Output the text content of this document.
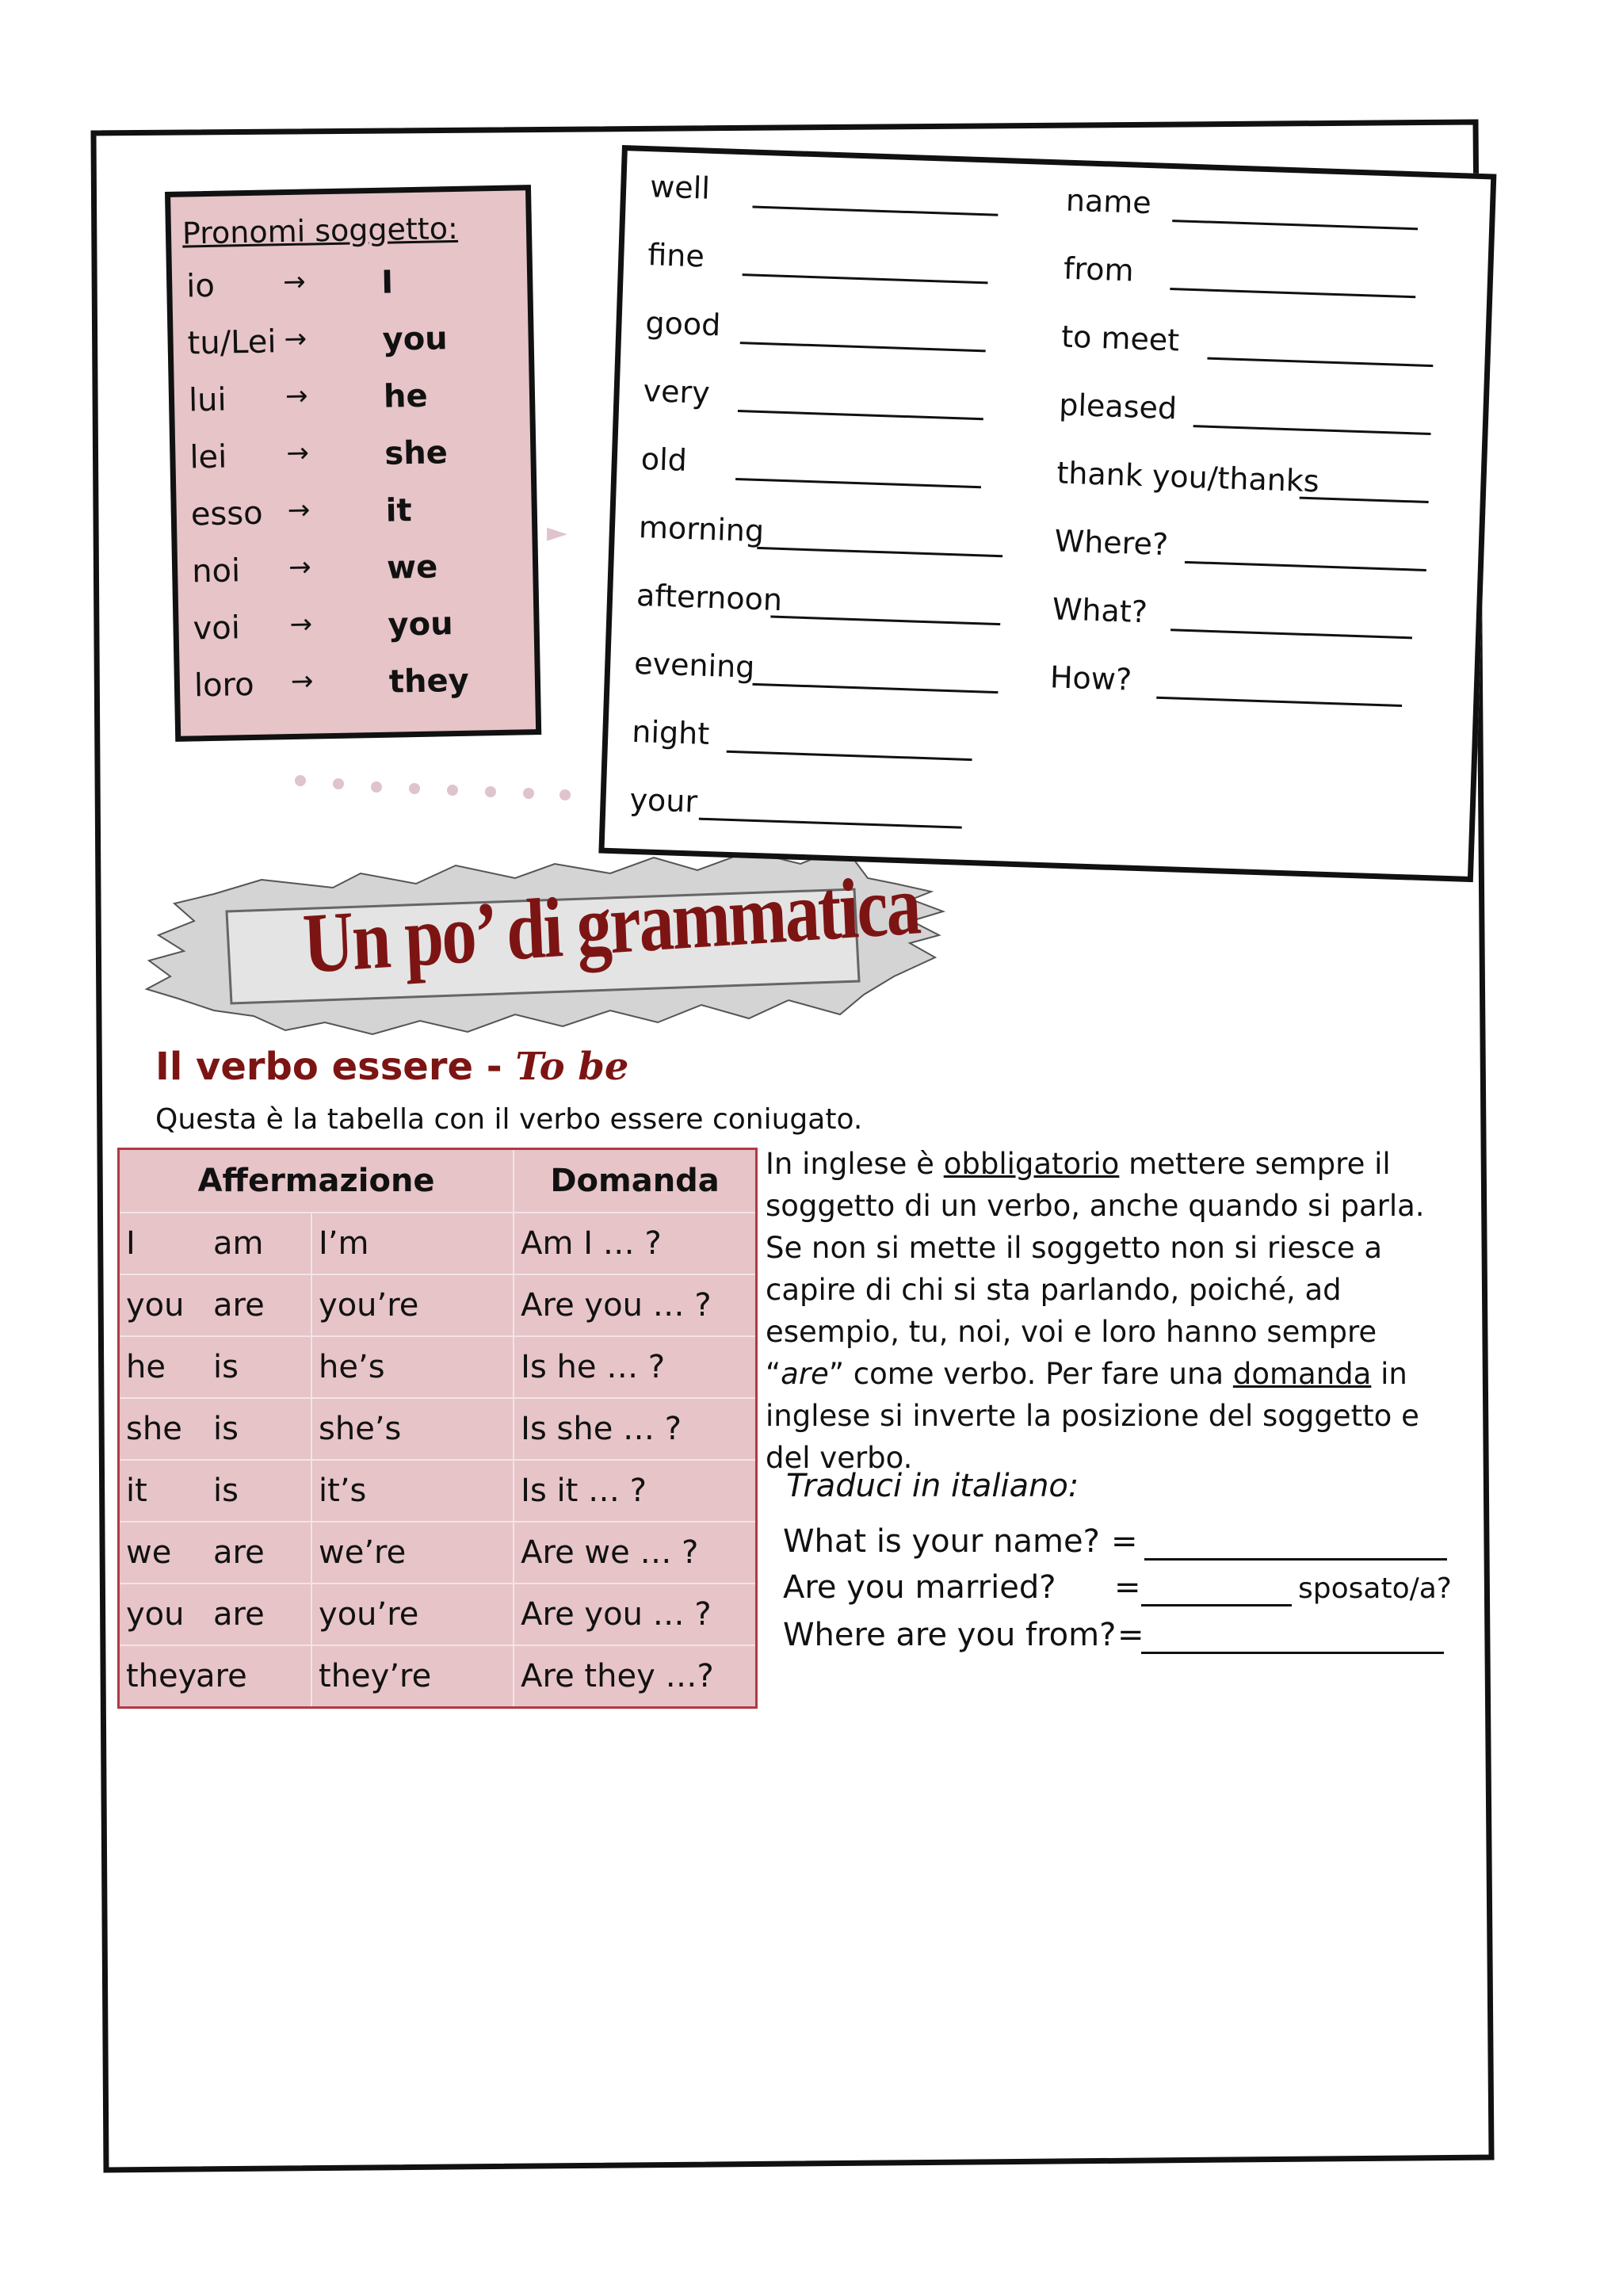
Pronomi soggetto:
io	→ I
tu/Lei → you
lui → he
lei → she
esso → it
noi → we
voi → you
loro → they
►
well
fine
good
very
old
morning
afternoon
evening
night
your
name
from
to meet
pleased
thank you/thanks
Where?
What?
How?
Un po’ di grammatica
Il verbo essere - To be
Questa è la tabella con il verbo essere coniugato.
Affermazione		Domanda
I am	I’m	Am I … ?
you are	you’re	Are you … ?
he is	he’s	Is he … ?
she is	she’s	Is she … ?
it is	it’s	Is it … ?
we are	we’re	Are we … ?
you are	you’re	Are you … ?
theyare	they’re	Are they …?
In inglese è obbligatorio mettere sempre il soggetto di un verbo, anche quando si parla. Se non si mette il soggetto non si riesce a capire di chi si sta parlando, poiché, ad esempio, tu, noi, voi e loro hanno sempre “are” come verbo. Per fare una domanda in inglese si inverte la posizione del soggetto e del verbo.
Traduci in italiano:
What is your name? =
Are you married? =	sposato/a?
Where are you from? =
